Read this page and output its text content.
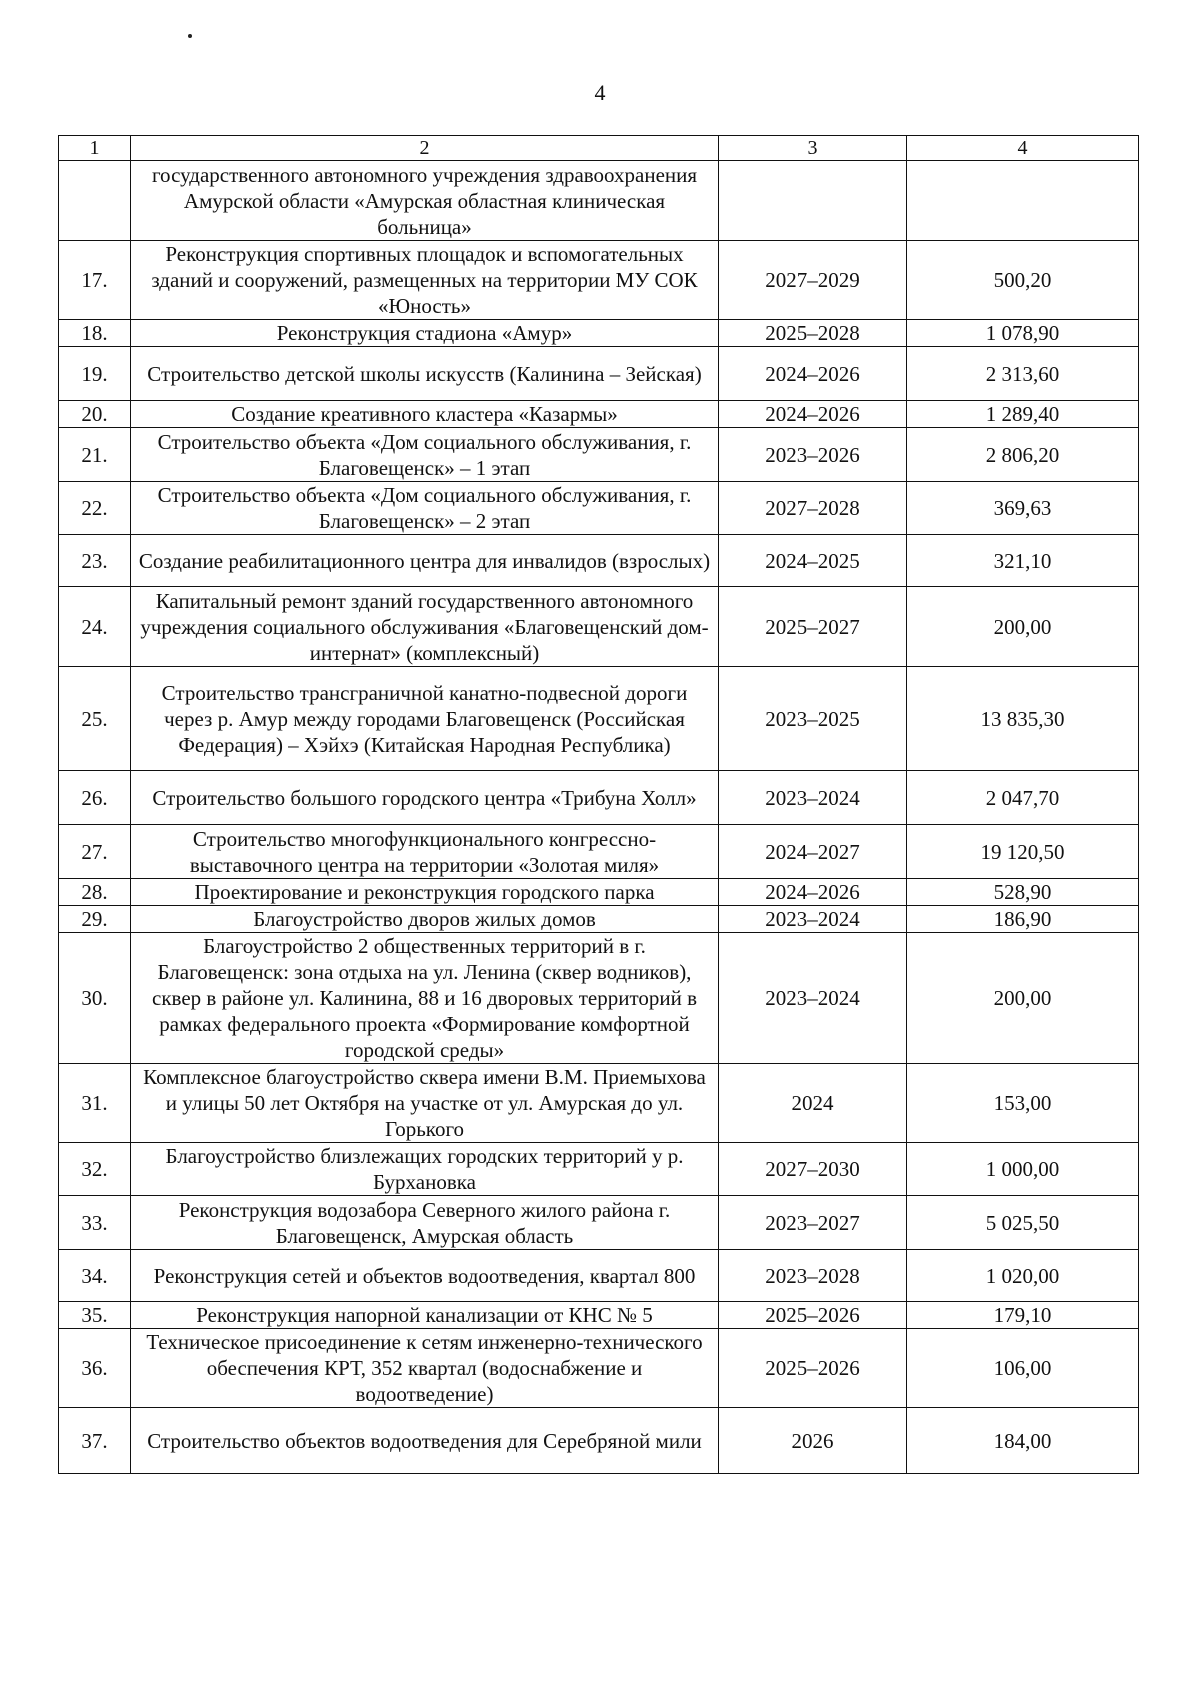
4
1	2	3	4
	государственного автономного учреждения здравоохранения Амурской области «Амурская областная клиническая больница»		
17.	Реконструкция спортивных площадок и вспомогательных зданий и сооружений, размещенных на территории МУ СОК «Юность»	2027–2029	500,20
18.	Реконструкция стадиона «Амур»	2025–2028	1 078,90
19.	Строительство детской школы искусств (Калинина – Зейская)	2024–2026	2 313,60
20.	Создание креативного кластера «Казармы»	2024–2026	1 289,40
21.	Строительство объекта «Дом социального обслуживания, г. Благовещенск» – 1 этап	2023–2026	2 806,20
22.	Строительство объекта «Дом социального обслуживания, г. Благовещенск» – 2 этап	2027–2028	369,63
23.	Создание реабилитационного центра для инвалидов (взрослых)	2024–2025	321,10
24.	Капитальный ремонт зданий государственного автономного учреждения социального обслуживания «Благовещенский дом-интернат» (комплексный)	2025–2027	200,00
25.	Строительство трансграничной канатно-подвесной дороги через р. Амур между городами Благовещенск (Российская Федерация) – Хэйхэ (Китайская Народная Республика)	2023–2025	13 835,30
26.	Строительство большого городского центра «Трибуна Холл»	2023–2024	2 047,70
27.	Строительство многофункционального конгрессно-выставочного центра на территории «Золотая миля»	2024–2027	19 120,50
28.	Проектирование и реконструкция городского парка	2024–2026	528,90
29.	Благоустройство дворов жилых домов	2023–2024	186,90
30.	Благоустройство 2 общественных территорий в г. Благовещенск: зона отдыха на ул. Ленина (сквер водников), сквер в районе ул. Калинина, 88 и 16 дворовых территорий в рамках федерального проекта «Формирование комфортной городской среды»	2023–2024	200,00
31.	Комплексное благоустройство сквера имени В.М. Приемыхова и улицы 50 лет Октября на участке от ул. Амурская до ул. Горького	2024	153,00
32.	Благоустройство близлежащих городских территорий у р. Бурхановка	2027–2030	1 000,00
33.	Реконструкция водозабора Северного жилого района г. Благовещенск, Амурская область	2023–2027	5 025,50
34.	Реконструкция сетей и объектов водоотведения, квартал 800	2023–2028	1 020,00
35.	Реконструкция напорной канализации от КНС № 5	2025–2026	179,10
36.	Техническое присоединение к сетям инженерно-технического обеспечения КРТ, 352 квартал (водоснабжение и водоотведение)	2025–2026	106,00
37.	Строительство объектов водоотведения для Серебряной мили	2026	184,00
